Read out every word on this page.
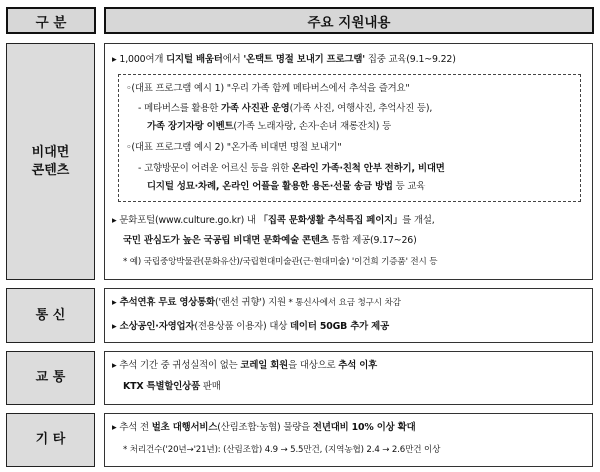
구 분	주요 지원내용
비대면
콘텐츠
▸ 1,000여개 디지털 배움터에서 '온택트 명절 보내기 프로그램' 집중 교육(9.1~9.22)
◦(대표 프로그램 예시 1) "우리 가족 함께 메타버스에서 추석을 즐겨요"
- 메타버스를 활용한 가족 사진관 운영(가족 사진, 여행사진, 추억사진 등),
가족 장기자랑 이벤트(가족 노래자랑, 손자·손녀 재롱잔치) 등
◦(대표 프로그램 예시 2) "온가족 비대면 명절 보내기"
- 고향방문이 어려운 어르신 등을 위한 온라인 가족·친척 안부 전하기, 비대면
디지털 성묘·차례, 온라인 어플을 활용한 용돈·선물 송금 방법 등 교육
▸ 문화포털(www.culture.go.kr) 내 「집콕 문화생활 추석특집 페이지」를 개설,
국민 관심도가 높은 국공립 비대면 문화예술 콘텐츠 통합 제공(9.17~26)
* 예) 국립중앙박물관(문화유산)/국립현대미술관(근·현대미술) '이건희 기증품' 전시 등
통 신
▸ 추석연휴 무료 영상통화('랜선 귀향') 지원 * 통신사에서 요금 청구시 차감
▸ 소상공인·자영업자(전용상품 이용자) 대상 데이터 50GB 추가 제공
교 통
▸ 추석 기간 중 귀성실적이 없는 코레일 회원을 대상으로 추석 이후
KTX 특별할인상품 판매
기 타
▸ 추석 전 벌초 대행서비스(산림조합·농협) 물량을 전년대비 10% 이상 확대
* 처리건수('20년→'21년): (산림조합) 4.9 → 5.5만건, (지역농협) 2.4 → 2.6만건 이상
